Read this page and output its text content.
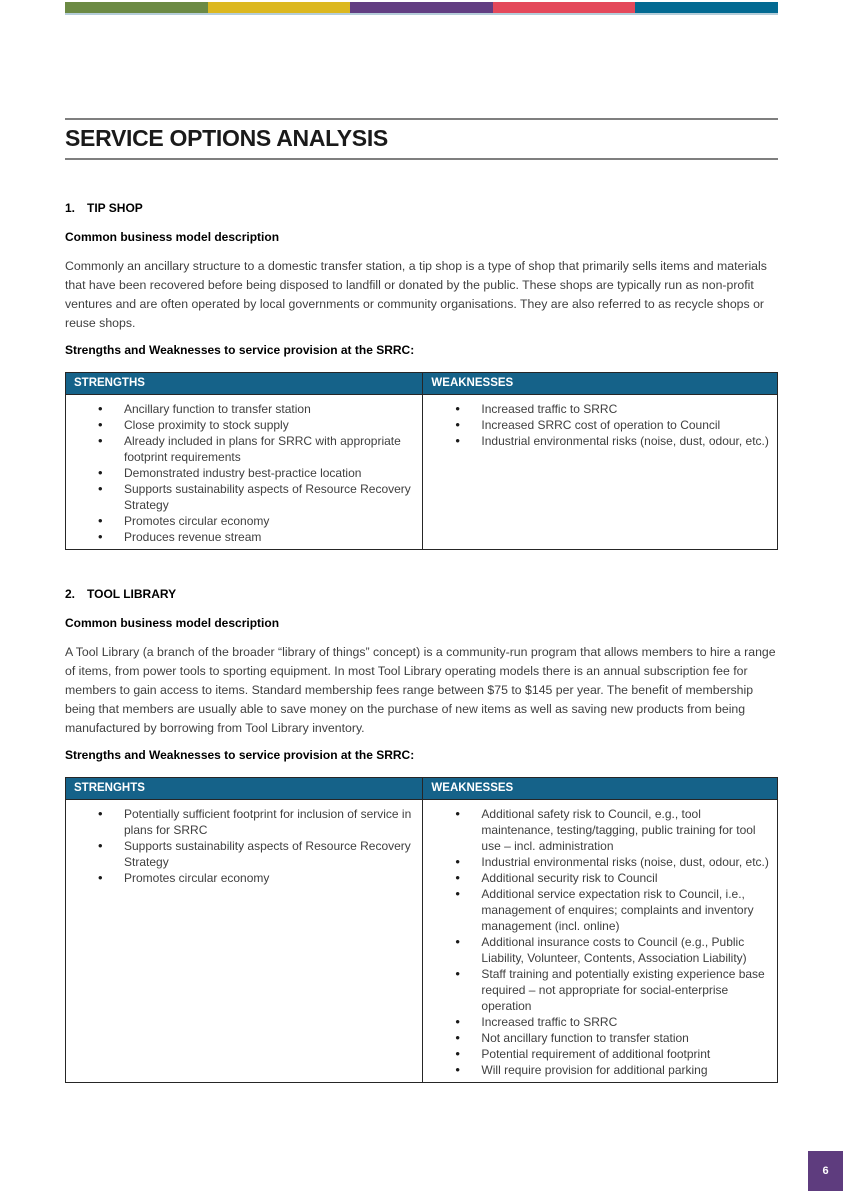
SERVICE OPTIONS ANALYSIS
1. TIP SHOP
Common business model description

Commonly an ancillary structure to a domestic transfer station, a tip shop is a type of shop that primarily sells items and materials that have been recovered before being disposed to landfill or donated by the public. These shops are typically run as non-profit ventures and are often operated by local governments or community organisations. They are also referred to as recycle shops or reuse shops.

Strengths and Weaknesses to service provision at the SRRC:
STRENGTHS	WEAKNESSES

• Ancillary function to transfer station
• Close proximity to stock supply
• Already included in plans for SRRC with appropriate footprint requirements
• Demonstrated industry best-practice location
• Supports sustainability aspects of Resource Recovery Strategy
• Promotes circular economy
• Produces revenue stream

• Increased traffic to SRRC
• Increased SRRC cost of operation to Council
• Industrial environmental risks (noise, dust, odour, etc.)
2. TOOL LIBRARY
Common business model description

A Tool Library (a branch of the broader “library of things” concept) is a community-run program that allows members to hire a range of items, from power tools to sporting equipment. In most Tool Library operating models there is an annual subscription fee for members to gain access to items. Standard membership fees range between $75 to $145 per year. The benefit of membership being that members are usually able to save money on the purchase of new items as well as saving new products from being manufactured by borrowing from Tool Library inventory.

Strengths and Weaknesses to service provision at the SRRC:
STRENGHTS	WEAKNESSES

• Potentially sufficient footprint for inclusion of service in plans for SRRC
• Supports sustainability aspects of Resource Recovery Strategy
• Promotes circular economy

• Additional safety risk to Council, e.g., tool maintenance, testing/tagging, public training for tool use – incl. administration
• Industrial environmental risks (noise, dust, odour, etc.)
• Additional security risk to Council
• Additional service expectation risk to Council, i.e., management of enquires; complaints and inventory management (incl. online)
• Additional insurance costs to Council (e.g., Public Liability, Volunteer, Contents, Association Liability)
• Staff training and potentially existing experience base required – not appropriate for social-enterprise operation
• Increased traffic to SRRC
• Not ancillary function to transfer station
• Potential requirement of additional footprint
• Will require provision for additional parking
6
